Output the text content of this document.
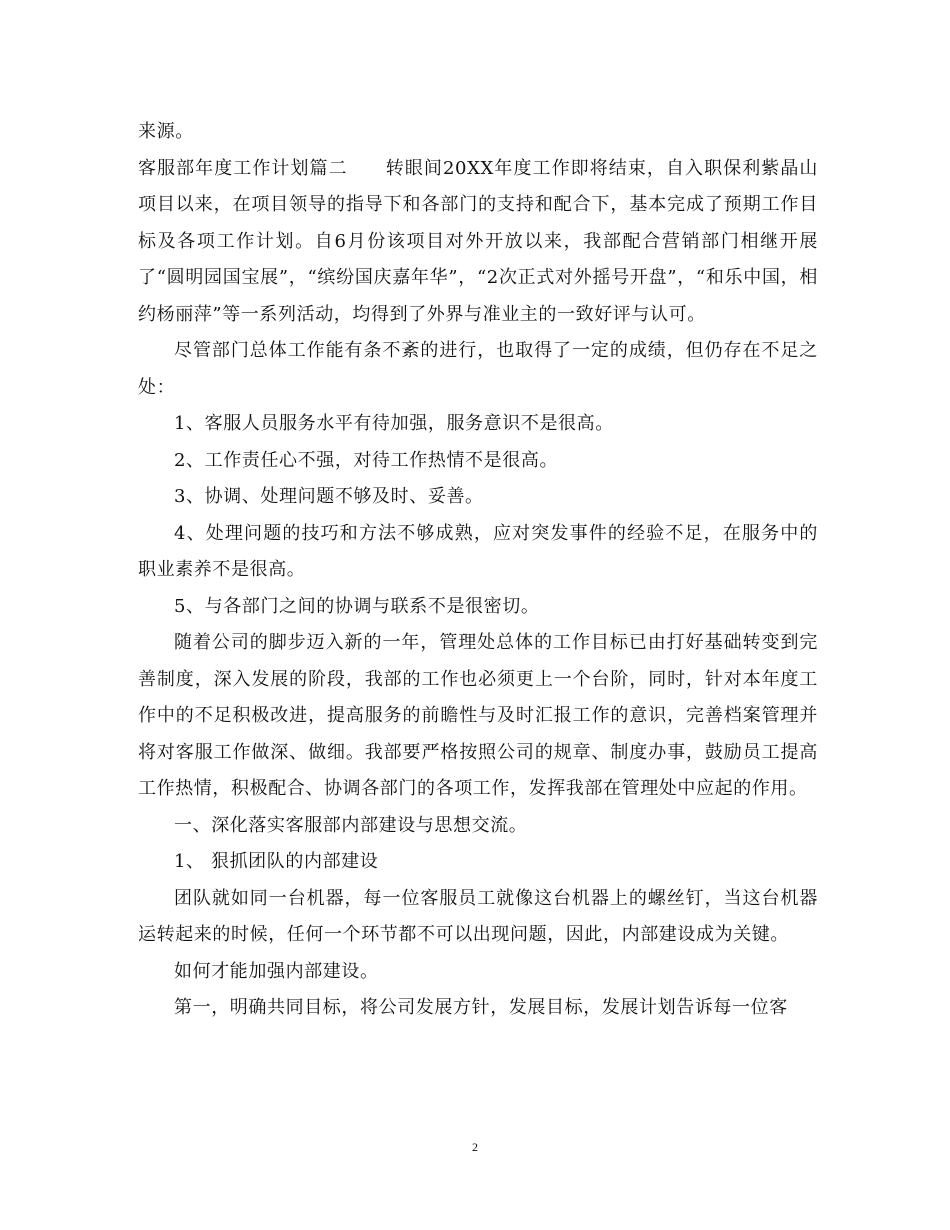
来源。

客服部年度工作计划篇二　　转眼间20XX年度工作即将结束，自入职保利紫晶山项目以来，在项目领导的指导下和各部门的支持和配合下，基本完成了预期工作目标及各项工作计划。自6月份该项目对外开放以来，我部配合营销部门相继开展了“圆明园国宝展”，“缤纷国庆嘉年华”，“2次正式对外摇号开盘”，“和乐中国，相约杨丽萍”等一系列活动，均得到了外界与准业主的一致好评与认可。

尽管部门总体工作能有条不紊的进行，也取得了一定的成绩，但仍存在不足之处：

1、客服人员服务水平有待加强，服务意识不是很高。

2、工作责任心不强，对待工作热情不是很高。

3、协调、处理问题不够及时、妥善。

4、处理问题的技巧和方法不够成熟，应对突发事件的经验不足，在服务中的职业素养不是很高。

5、与各部门之间的协调与联系不是很密切。

随着公司的脚步迈入新的一年，管理处总体的工作目标已由打好基础转变到完善制度，深入发展的阶段，我部的工作也必须更上一个台阶，同时，针对本年度工作中的不足积极改进，提高服务的前瞻性与及时汇报工作的意识，完善档案管理并将对客服工作做深、做细。我部要严格按照公司的规章、制度办事，鼓励员工提高工作热情，积极配合、协调各部门的各项工作，发挥我部在管理处中应起的作用。

一、深化落实客服部内部建设与思想交流。

1、 狠抓团队的内部建设

团队就如同一台机器，每一位客服员工就像这台机器上的螺丝钉，当这台机器运转起来的时候，任何一个环节都不可以出现问题，因此，内部建设成为关键。

如何才能加强内部建设。

第一，明确共同目标，将公司发展方针，发展目标，发展计划告诉每一位客

2
